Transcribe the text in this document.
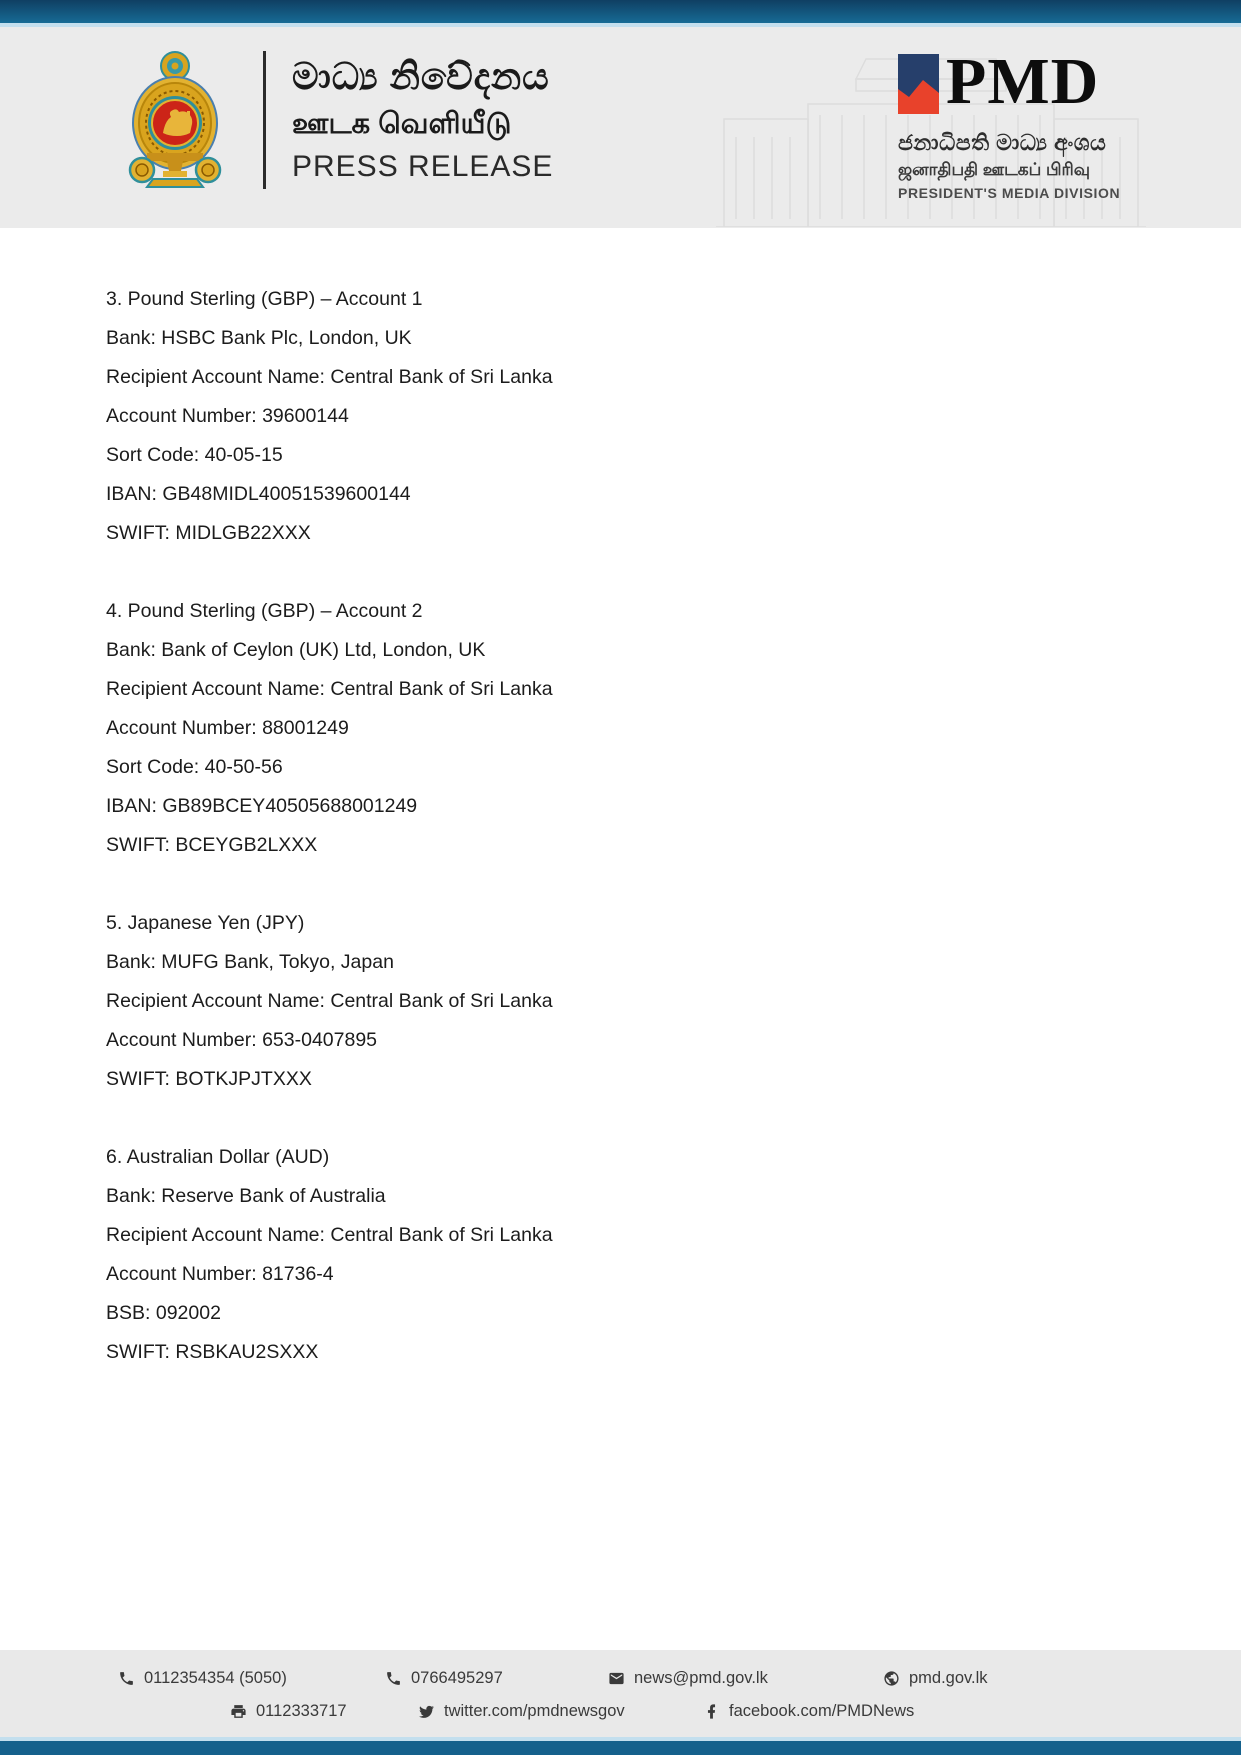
මාධ්‍ය නිවේදනය
ஊடக வெளியீடு
PRESS RELEASE
PMD
ජනාධිපති මාධ්‍ය අංශය
ஜனாதிபதி ஊடகப் பிரிவு
PRESIDENT'S MEDIA DIVISION

3. Pound Sterling (GBP) – Account 1

Bank: HSBC Bank Plc, London, UK

Recipient Account Name: Central Bank of Sri Lanka

Account Number: 39600144

Sort Code: 40-05-15

IBAN: GB48MIDL40051539600144

SWIFT: MIDLGB22XXX

4. Pound Sterling (GBP) – Account 2

Bank: Bank of Ceylon (UK) Ltd, London, UK

Recipient Account Name: Central Bank of Sri Lanka

Account Number: 88001249

Sort Code: 40-50-56

IBAN: GB89BCEY40505688001249

SWIFT: BCEYGB2LXXX

5. Japanese Yen (JPY)

Bank: MUFG Bank, Tokyo, Japan

Recipient Account Name: Central Bank of Sri Lanka

Account Number: 653-0407895

SWIFT: BOTKJPJTXXX

6. Australian Dollar (AUD)

Bank: Reserve Bank of Australia

Recipient Account Name: Central Bank of Sri Lanka

Account Number: 81736-4

BSB: 092002

SWIFT: RSBKAU2SXXX

0112354354 (5050)	0766495297	news@pmd.gov.lk	pmd.gov.lk
0112333717	twitter.com/pmdnewsgov	facebook.com/PMDNews
